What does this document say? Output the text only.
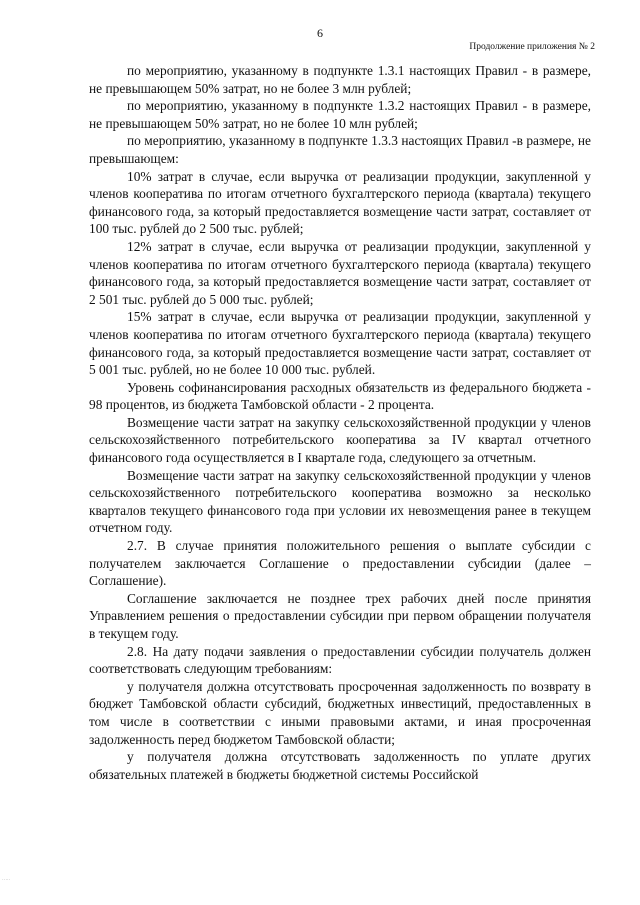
6
Продолжение приложения № 2

по мероприятию, указанному в подпункте 1.3.1 настоящих Правил - в размере, не превышающем 50% затрат, но не более 3 млн рублей;

по мероприятию, указанному в подпункте 1.3.2 настоящих Правил - в размере, не превышающем 50% затрат, но не более 10 млн рублей;

по мероприятию, указанному в подпункте 1.3.3 настоящих Правил -в размере, не превышающем:

10% затрат в случае, если выручка от реализации продукции, закупленной у членов кооператива по итогам отчетного бухгалтерского периода (квартала) текущего финансового года, за который предоставляется возмещение части затрат, составляет от 100 тыс. рублей до 2 500 тыс. рублей;

12% затрат в случае, если выручка от реализации продукции, закупленной у членов кооператива по итогам отчетного бухгалтерского периода (квартала) текущего финансового года, за который предоставляется возмещение части затрат, составляет от 2 501 тыс. рублей до 5 000 тыс. рублей;

15% затрат в случае, если выручка от реализации продукции, закупленной у членов кооператива по итогам отчетного бухгалтерского периода (квартала) текущего финансового года, за который предоставляется возмещение части затрат, составляет от 5 001 тыс. рублей, но не более 10 000 тыс. рублей.

Уровень софинансирования расходных обязательств из федерального бюджета - 98 процентов, из бюджета Тамбовской области - 2 процента.

Возмещение части затрат на закупку сельскохозяйственной продукции у членов сельскохозяйственного потребительского кооператива за IV квартал отчетного финансового года осуществляется в I квартале года, следующего за отчетным.

Возмещение части затрат на закупку сельскохозяйственной продукции у членов сельскохозяйственного потребительского кооператива возможно за несколько кварталов текущего финансового года при условии их невозмещения ранее в текущем отчетном году.

2.7. В случае принятия положительного решения о выплате субсидии с получателем заключается Соглашение о предоставлении субсидии (далее – Соглашение).

Соглашение заключается не позднее трех рабочих дней после принятия Управлением решения о предоставлении субсидии при первом обращении получателя в текущем году.

2.8. На дату подачи заявления о предоставлении субсидии получатель должен соответствовать следующим требованиям:

у получателя должна отсутствовать просроченная задолженность по возврату в бюджет Тамбовской области субсидий, бюджетных инвестиций, предоставленных в том числе в соответствии с иными правовыми актами, и иная просроченная задолженность перед бюджетом Тамбовской области;

у получателя должна отсутствовать задолженность по уплате других обязательных платежей в бюджеты бюджетной системы Российской

·····
